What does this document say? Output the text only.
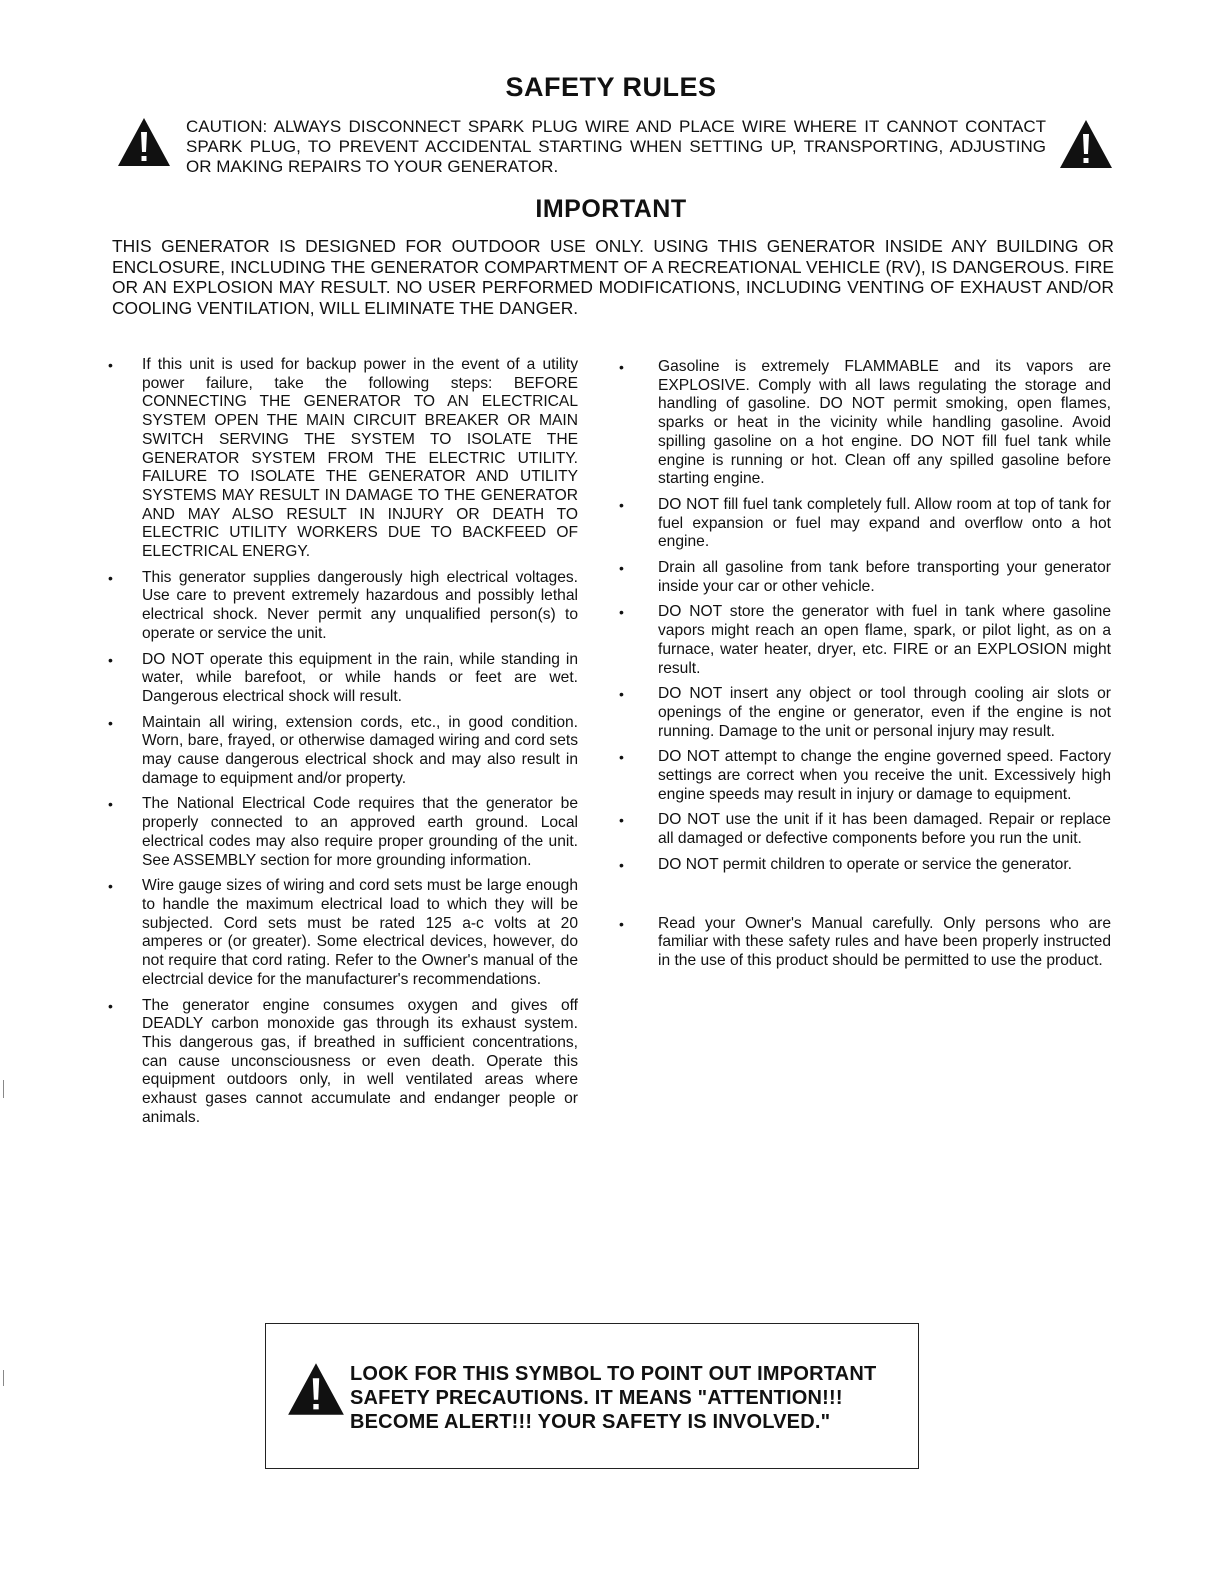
SAFETY RULES
CAUTION: ALWAYS DISCONNECT SPARK PLUG WIRE AND PLACE WIRE WHERE IT CANNOT CONTACT SPARK PLUG, TO PREVENT ACCIDENTAL STARTING WHEN SETTING UP, TRANSPORTING, ADJUSTING OR MAKING REPAIRS TO YOUR GENERATOR.
IMPORTANT
THIS GENERATOR IS DESIGNED FOR OUTDOOR USE ONLY. USING THIS GENERATOR INSIDE ANY BUILDING OR ENCLOSURE, INCLUDING THE GENERATOR COMPARTMENT OF A RECREATIONAL VEHICLE (RV), IS DANGEROUS. FIRE OR AN EXPLOSION MAY RESULT. NO USER PERFORMED MODIFICATIONS, INCLUDING VENTING OF EXHAUST AND/OR COOLING VENTILATION, WILL ELIMINATE THE DANGER.
• If this unit is used for backup power in the event of a utility power failure, take the following steps: BEFORE CONNECTING THE GENERATOR TO AN ELECTRICAL SYSTEM OPEN THE MAIN CIRCUIT BREAKER OR MAIN SWITCH SERVING THE SYSTEM TO ISOLATE THE GENERATOR SYSTEM FROM THE ELECTRIC UTILITY. FAILURE TO ISOLATE THE GENERATOR AND UTILITY SYSTEMS MAY RESULT IN DAMAGE TO THE GENERATOR AND MAY ALSO RESULT IN INJURY OR DEATH TO ELECTRIC UTILITY WORKERS DUE TO BACKFEED OF ELECTRICAL ENERGY.
• This generator supplies dangerously high electrical voltages. Use care to prevent extremely hazardous and possibly lethal electrical shock. Never permit any unqualified person(s) to operate or service the unit.
• DO NOT operate this equipment in the rain, while standing in water, while barefoot, or while hands or feet are wet. Dangerous electrical shock will result.
• Maintain all wiring, extension cords, etc., in good condition. Worn, bare, frayed, or otherwise damaged wiring and cord sets may cause dangerous electrical shock and may also result in damage to equipment and/or property.
• The National Electrical Code requires that the generator be properly connected to an approved earth ground. Local electrical codes may also require proper grounding of the unit. See ASSEMBLY section for more grounding information.
• Wire gauge sizes of wiring and cord sets must be large enough to handle the maximum electrical load to which they will be subjected. Cord sets must be rated 125 a-c volts at 20 amperes or (or greater). Some electrical devices, however, do not require that cord rating. Refer to the Owner's manual of the electrcial device for the manufacturer's recommendations.
• The generator engine consumes oxygen and gives off DEADLY carbon monoxide gas through its exhaust system. This dangerous gas, if breathed in sufficient concentrations, can cause unconsciousness or even death. Operate this equipment outdoors only, in well ventilated areas where exhaust gases cannot accumulate and endanger people or animals.
• Gasoline is extremely FLAMMABLE and its vapors are EXPLOSIVE. Comply with all laws regulating the storage and handling of gasoline. DO NOT permit smoking, open flames, sparks or heat in the vicinity while handling gasoline. Avoid spilling gasoline on a hot engine. DO NOT fill fuel tank while engine is running or hot. Clean off any spilled gasoline before starting engine.
• DO NOT fill fuel tank completely full. Allow room at top of tank for fuel expansion or fuel may expand and overflow onto a hot engine.
• Drain all gasoline from tank before transporting your generator inside your car or other vehicle.
• DO NOT store the generator with fuel in tank where gasoline vapors might reach an open flame, spark, or pilot light, as on a furnace, water heater, dryer, etc. FIRE or an EXPLOSION might result.
• DO NOT insert any object or tool through cooling air slots or openings of the engine or generator, even if the engine is not running. Damage to the unit or personal injury may result.
• DO NOT attempt to change the engine governed speed. Factory settings are correct when you receive the unit. Excessively high engine speeds may result in injury or damage to equipment.
• DO NOT use the unit if it has been damaged. Repair or replace all damaged or defective components before you run the unit.
• DO NOT permit children to operate or service the generator.
• Read your Owner's Manual carefully. Only persons who are familiar with these safety rules and have been properly instructed in the use of this product should be permitted to use the product.
LOOK FOR THIS SYMBOL TO POINT OUT IMPORTANT SAFETY PRECAUTIONS. IT MEANS "ATTENTION!!! BECOME ALERT!!! YOUR SAFETY IS INVOLVED."
